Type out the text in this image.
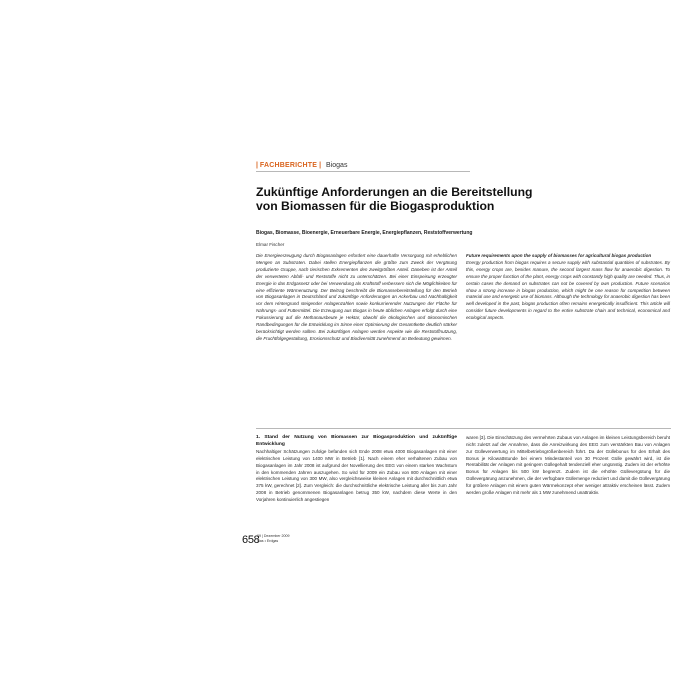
| FACHBERICHTE | Biogas
Zukünftige Anforderungen an die Bereitstellung von Biomassen für die Biogasproduktion
Biogas, Biomasse, Bioenergie, Erneuerbare Energie, Energiepflanzen, Reststoffverwertung
Elmar Fischer

Die Energieerzeugung durch Biogasanlagen erfordert eine dauerhafte Versorgung mit erheblichen Mengen an Substraten. Dabei stellen Energiepflanzen die größte zum Zweck der Vergärung produzierte Gruppe, nach tierischen Exkrementen den zweitgrößten Anteil. Daneben ist der Anteil der verwerteten Abfall- und Reststoffe nicht zu unterschätzen. Bei einer Einspeisung erzeugter Energie in das Erdgasnetz oder bei Verwendung als Kraftstoff verbessern sich die Möglichkeiten für eine effiziente Wärmenutzung. Der Beitrag beschreibt die Biomassebereitstellung für den Betrieb von Biogasanlagen in Deutschland und zukünftige Anforderungen an Ackerbau und Nachhaltigkeit vor dem Hintergrund steigender Anlagenzahlen sowie konkurrierender Nutzungen der Fläche für Nahrungs- und Futtermittel. Die Erzeugung aus Biogas in heute üblichen Anlagen erfolgt durch eine Fokussierung auf die Methanausbeute je Hektar, obwohl die ökologischen und ökonomischen Randbedingungen für die Entwicklung im Sinne einer Optimierung der Gesamtkette deutlich stärker berücksichtigt werden sollten. Bei zukünftigen Anlagen werden Aspekte wie die Reststoffnutzung, die Fruchtfolgegestaltung, Erosionsschutz und Biodiversität zunehmend an Bedeutung gewinnen.

Future requirements upon the supply of biomasses for agricultural biogas production
Energy production from biogas requires a secure supply with substantial quantities of substrates. By this, energy crops are, besides manure, the second largest mass flow for anaerobic digestion. To ensure the proper function of the plant, energy crops with constantly high quality are needed. Thus, in certain cases the demand on substrates can not be covered by own production. Future scenarios show a strong increase in biogas production, which might be one reason for competition between material use and energetic use of biomass. Although the technology for anaerobic digestion has been well developed in the past, biogas production often remains energetically insufficient. This article will consider future developments in regard to the entire substrate chain and technical, economical and ecological aspects.
1. Stand der Nutzung von Biomassen zur Biogasproduktion und zukünftige Entwicklung
Nachhaltiger Schätzungen zufolge befanden sich Ende 2008 etwa 4000 Biogasanlagen mit einer elektrischen Leistung von 1400 MW in Betrieb [1]. Nach einem eher verhaltenen Zubau von Biogasanlagen im Jahr 2008 ist aufgrund der Novellierung des EEG von einem starken Wachstum in den kommenden Jahren auszugehen. So wird für 2009 ein Zubau von 800 Anlagen mit einer elektrischen Leistung von 300 MW, also vergleichsweise kleinen Anlagen mit durchschnittlich etwa 375 kW, gerechnet [2]. Zum Vergleich: die durchschnittliche elektrische Leistung aller bis zum Jahr 2008 in Betrieb genommenen Biogasanlagen betrug 350 kW, nachdem diese Werte in den Vorjahren kontinuierlich angestiegen
waren [3]. Die Einschätzung des vermehrten Zubaus von Anlagen im kleinen Leistungsbereich beruht nicht zuletzt auf der Annahme, dass die Anreizwirkung des EEG zum verstärkten Bau von Anlagen zur Gülleverwertung im Mittelbetriebsgrößenbereich führt. Da der Güllebonus für den Erhalt des Bonus je Kilowattstunde bei einem Mindestanteil von 30 Prozent Gülle gewährt wird, ist die Rentabilität der Anlagen mit geringem Güllegehalt tendenziell eher ungünstig. Zudem ist der erhöhte Bonus für Anlagen bis 500 kW begrenzt. Zudem ist die erhöhte Güllevergütung für die Güllevergärung anzunehmen, die der verfügbare Güllemenge reduziert und damit die Güllevergärung für größere Anlagen mit einem guten Wärmekonzept eher weniger attraktiv erscheinen lässt. Zudem werden große Anlagen mit mehr als 1 MW zunehmend unattraktiv.
658
09 | Dezember 2009
Gas • Erdgas
